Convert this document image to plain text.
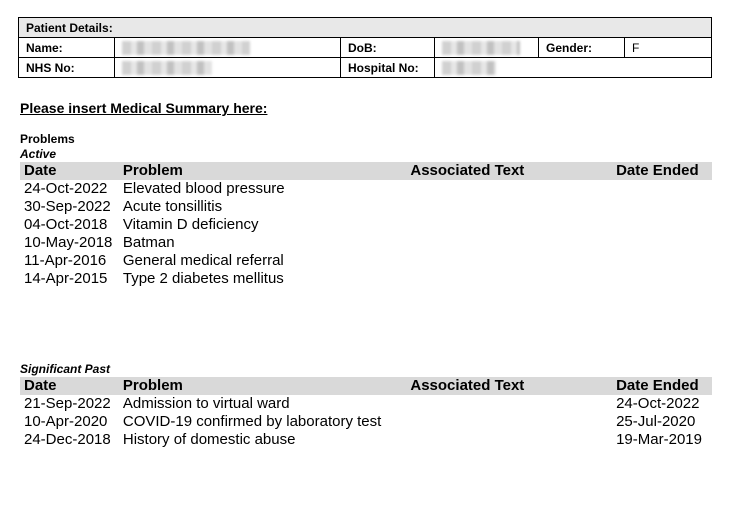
Patient Details:					
Name:		DoB:		Gender:	F
NHS No:		Hospital No:			
Please insert Medical Summary here:
Problems
Active
Date	Problem	Associated Text	Date Ended
24-Oct-2022	Elevated blood pressure		
30-Sep-2022	Acute tonsillitis		
04-Oct-2018	Vitamin D deficiency		
10-May-2018	Batman		
11-Apr-2016	General medical referral		
14-Apr-2015	Type 2 diabetes mellitus		
Significant Past
Date	Problem	Associated Text	Date Ended
21-Sep-2022	Admission to virtual ward		24-Oct-2022
10-Apr-2020	COVID-19 confirmed by laboratory test		25-Jul-2020
24-Dec-2018	History of domestic abuse		19-Mar-2019
